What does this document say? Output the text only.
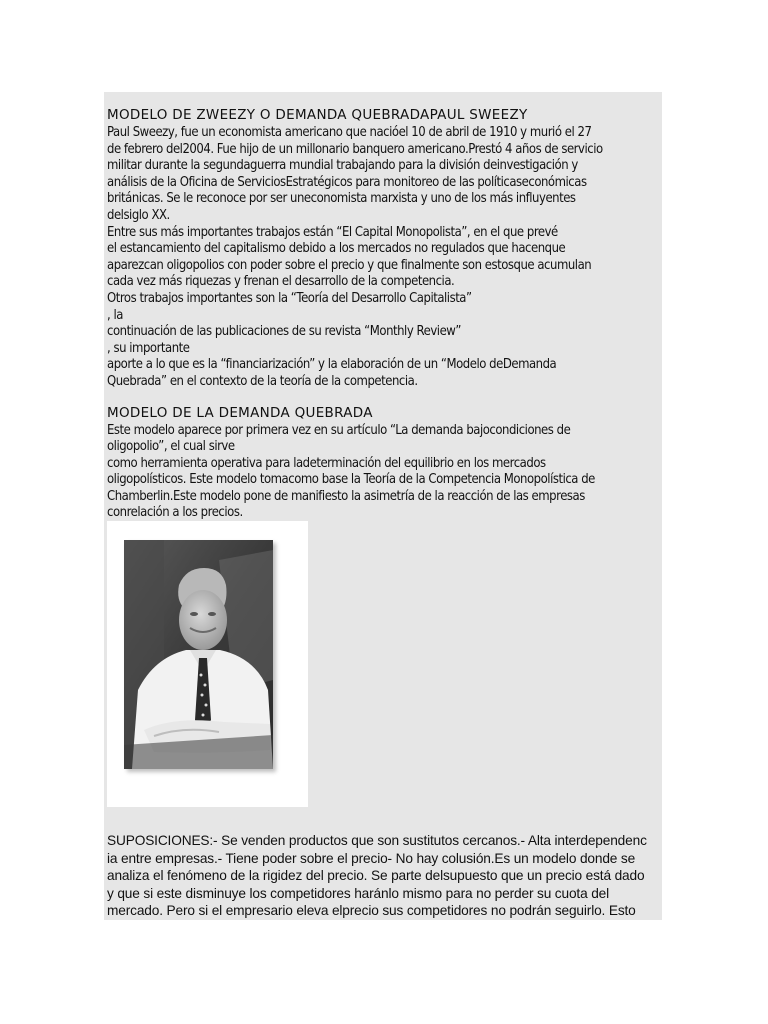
MODELO DE ZWEEZY O DEMANDA QUEBRADAPAUL SWEEZY

Paul Sweezy, fue un economista americano que nacióel 10 de abril de 1910 y murió el 27

de febrero del2004. Fue hijo de un millonario banquero americano.Prestó 4 años de servicio

militar durante la segundaguerra mundial trabajando para la división deinvestigación y

análisis de la Oficina de ServiciosEstratégicos para monitoreo de las políticaseconómicas

británicas. Se le reconoce por ser uneconomista marxista y uno de los más influyentes

delsiglo XX.

Entre sus más importantes trabajos están “El Capital Monopolista”, en el que prevé

el estancamiento del capitalismo debido a los mercados no regulados que hacenque

aparezcan oligopolios con poder sobre el precio y que finalmente son estosque acumulan

cada vez más riquezas y frenan el desarrollo de la competencia.

Otros trabajos importantes son la “Teoría del Desarrollo Capitalista”

, la

continuación de las publicaciones de su revista “Monthly Review”

, su importante

aporte a lo que es la “financiarización” y la elaboración de un “Modelo deDemanda

Quebrada” en el contexto de la teoría de la competencia.

MODELO DE LA DEMANDA QUEBRADA

Este modelo aparece por primera vez en su artículo “La demanda bajocondiciones de

oligopolio”, el cual sirve

como herramienta operativa para ladeterminación del equilibrio en los mercados

oligopolísticos. Este modelo tomacomo base la Teoría de la Competencia Monopolística de

Chamberlin.Este modelo pone de manifiesto la asimetría de la reacción de las empresas

conrelación a los precios.

SUPOSICIONES:- Se venden productos que son sustitutos cercanos.- Alta interdependenc

ia entre empresas.- Tiene poder sobre el precio- No hay colusión.Es un modelo donde se

analiza el fenómeno de la rigidez del precio. Se parte delsupuesto que un precio está dado

y que si este disminuye los competidores haránlo mismo para no perder su cuota del

mercado. Pero si el empresario eleva elprecio sus competidores no podrán seguirlo. Esto
